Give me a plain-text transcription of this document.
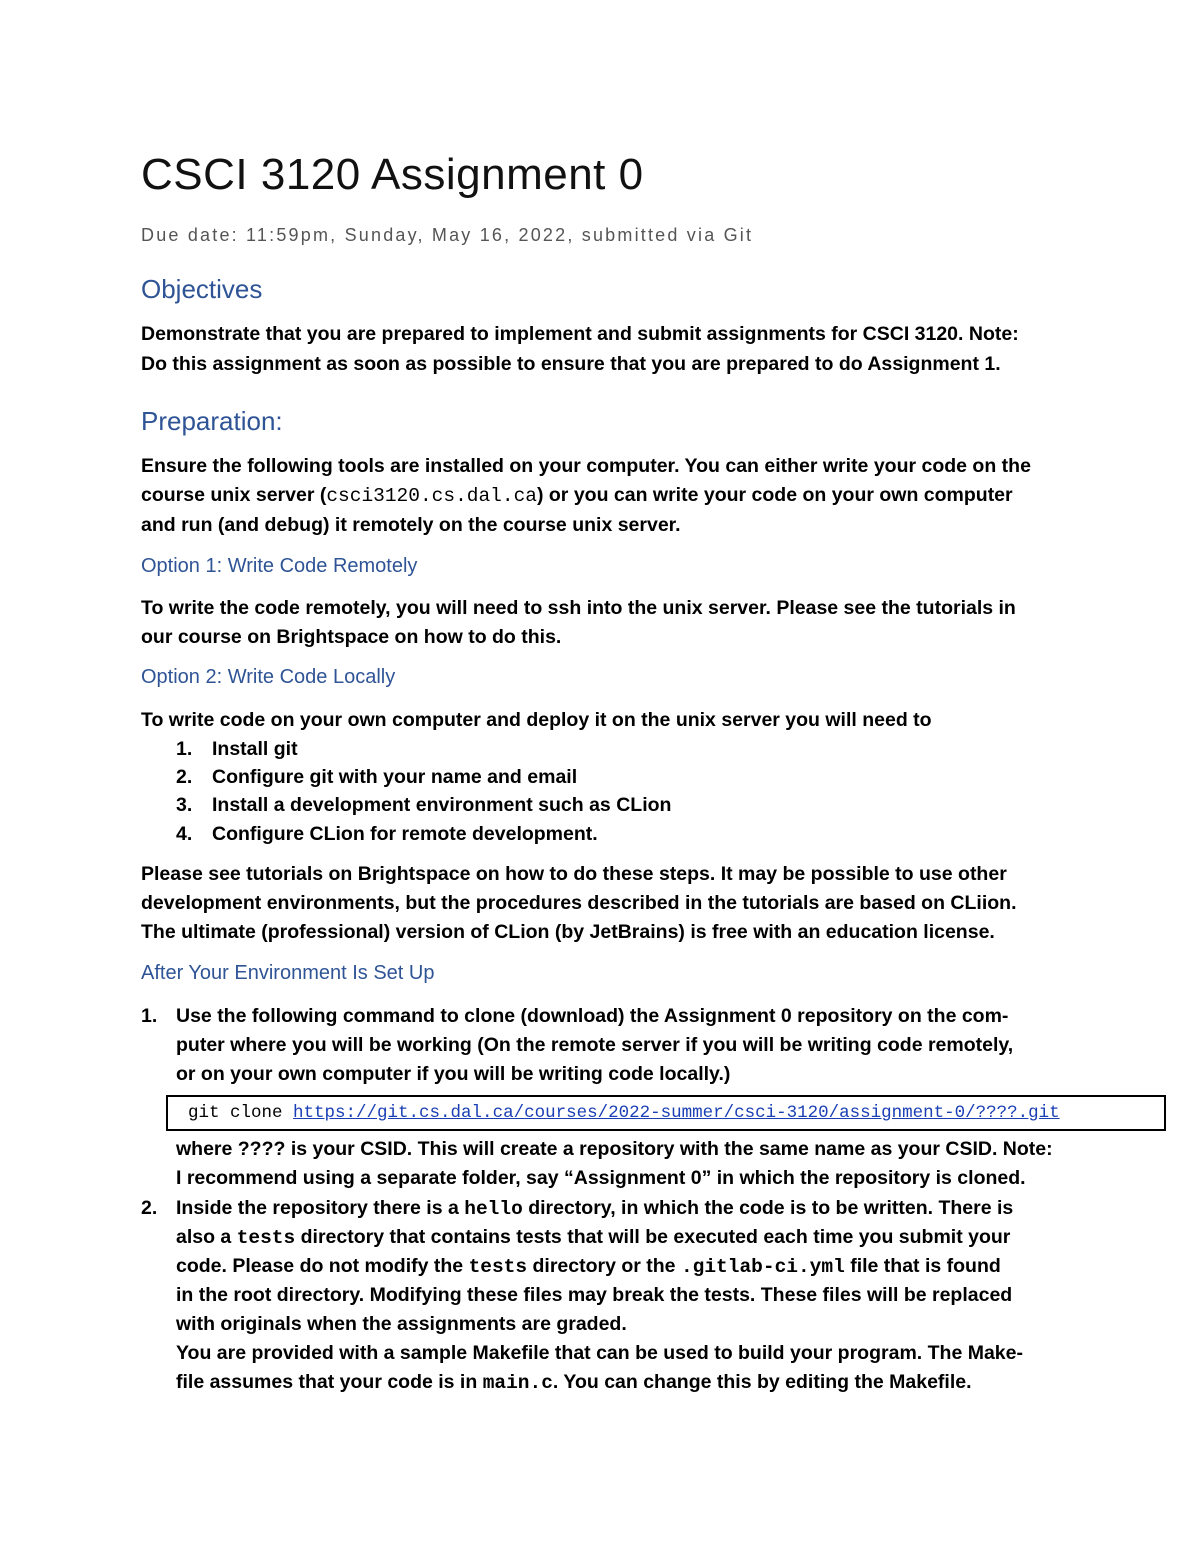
CSCI 3120 Assignment 0
Due date: 11:59pm, Sunday, May 16, 2022, submitted via Git
Objectives
Demonstrate that you are prepared to implement and submit assignments for CSCI 3120. Note:
Do this assignment as soon as possible to ensure that you are prepared to do Assignment 1.
Preparation:
Ensure the following tools are installed on your computer. You can either write your code on the
course unix server (csci3120.cs.dal.ca) or you can write your code on your own computer
and run (and debug) it remotely on the course unix server.
Option 1: Write Code Remotely
To write the code remotely, you will need to ssh into the unix server. Please see the tutorials in
our course on Brightspace on how to do this.
Option 2: Write Code Locally
To write code on your own computer and deploy it on the unix server you will need to
1.	Install git
2.	Configure git with your name and email
3.	Install a development environment such as CLion
4.	Configure CLion for remote development.
Please see tutorials on Brightspace on how to do these steps. It may be possible to use other
development environments, but the procedures described in the tutorials are based on CLiion.
The ultimate (professional) version of CLion (by JetBrains) is free with an education license.
After Your Environment Is Set Up
1. Use the following command to clone (download) the Assignment 0 repository on the com-
puter where you will be working (On the remote server if you will be writing code remotely,
or on your own computer if you will be writing code locally.)
git clone https://git.cs.dal.ca/courses/2022-summer/csci-3120/assignment-0/????.git
where ???? is your CSID. This will create a repository with the same name as your CSID. Note:
I recommend using a separate folder, say “Assignment 0” in which the repository is cloned.
2. Inside the repository there is a hello directory, in which the code is to be written. There is
also a tests directory that contains tests that will be executed each time you submit your
code. Please do not modify the tests directory or the .gitlab-ci.yml file that is found
in the root directory. Modifying these files may break the tests. These files will be replaced
with originals when the assignments are graded.
You are provided with a sample Makefile that can be used to build your program. The Make-
file assumes that your code is in main.c. You can change this by editing the Makefile.
